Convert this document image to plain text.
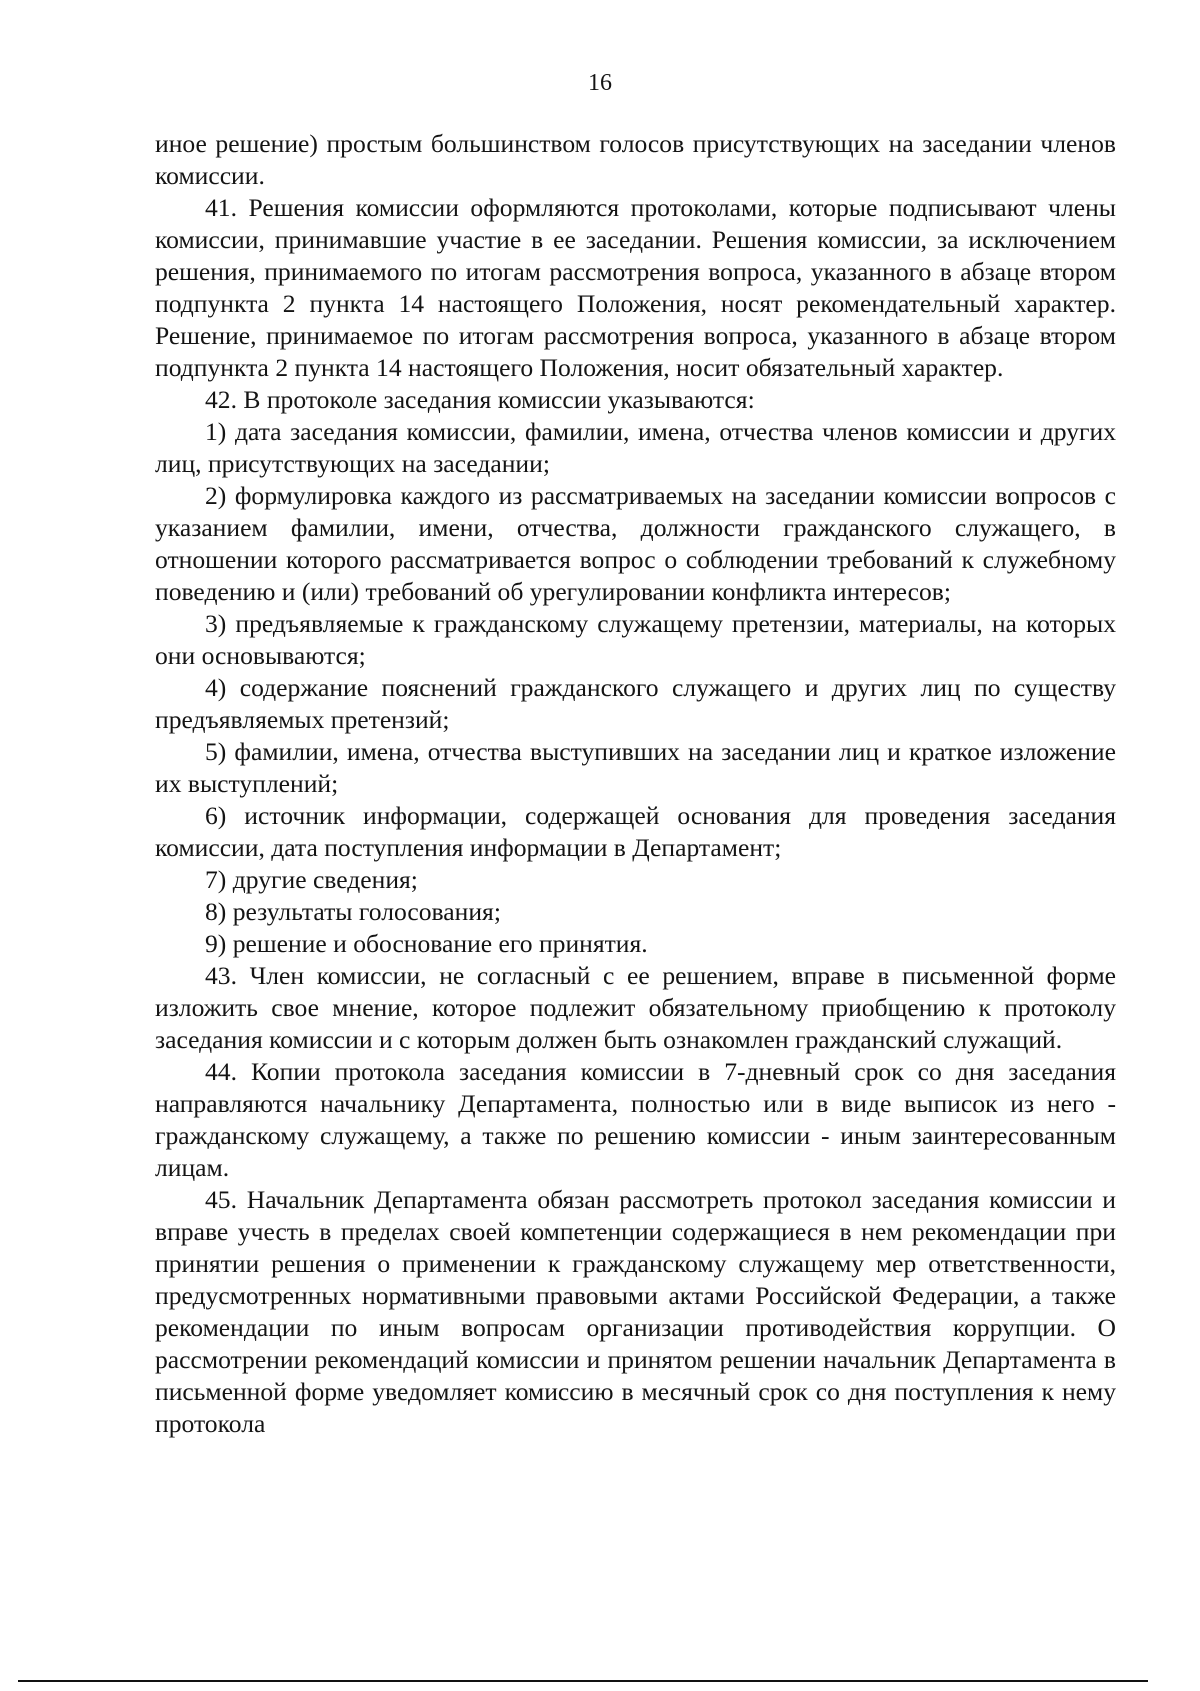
16

иное решение) простым большинством голосов присутствующих на заседании членов комиссии.

41. Решения комиссии оформляются протоколами, которые подписывают члены комиссии, принимавшие участие в ее заседании. Решения комиссии, за исключением решения, принимаемого по итогам рассмотрения вопроса, указанного в абзаце втором подпункта 2 пункта 14 настоящего Положения, носят рекомендательный характер. Решение, принимаемое по итогам рассмотрения вопроса, указанного в абзаце втором подпункта 2 пункта 14 настоящего Положения, носит обязательный характер.

42. В протоколе заседания комиссии указываются:

1) дата заседания комиссии, фамилии, имена, отчества членов комиссии и других лиц, присутствующих на заседании;

2) формулировка каждого из рассматриваемых на заседании комиссии вопросов с указанием фамилии, имени, отчества, должности гражданского служащего, в отношении которого рассматривается вопрос о соблюдении требований к служебному поведению и (или) требований об урегулировании конфликта интересов;

3) предъявляемые к гражданскому служащему претензии, материалы, на которых они основываются;

4) содержание пояснений гражданского служащего и других лиц по существу предъявляемых претензий;

5) фамилии, имена, отчества выступивших на заседании лиц и краткое изложение их выступлений;

6) источник информации, содержащей основания для проведения заседания комиссии, дата поступления информации в Департамент;

7) другие сведения;

8) результаты голосования;

9) решение и обоснование его принятия.

43. Член комиссии, не согласный с ее решением, вправе в письменной форме изложить свое мнение, которое подлежит обязательному приобщению к протоколу заседания комиссии и с которым должен быть ознакомлен гражданский служащий.

44. Копии протокола заседания комиссии в 7-дневный срок со дня заседания направляются начальнику Департамента, полностью или в виде выписок из него - гражданскому служащему, а также по решению комиссии - иным заинтересованным лицам.

45. Начальник Департамента обязан рассмотреть протокол заседания комиссии и вправе учесть в пределах своей компетенции содержащиеся в нем рекомендации при принятии решения о применении к гражданскому служащему мер ответственности, предусмотренных нормативными правовыми актами Российской Федерации, а также рекомендации по иным вопросам организации противодействия коррупции. О рассмотрении рекомендаций комиссии и принятом решении начальник Департамента в письменной форме уведомляет комиссию в месячный срок со дня поступления к нему протокола
